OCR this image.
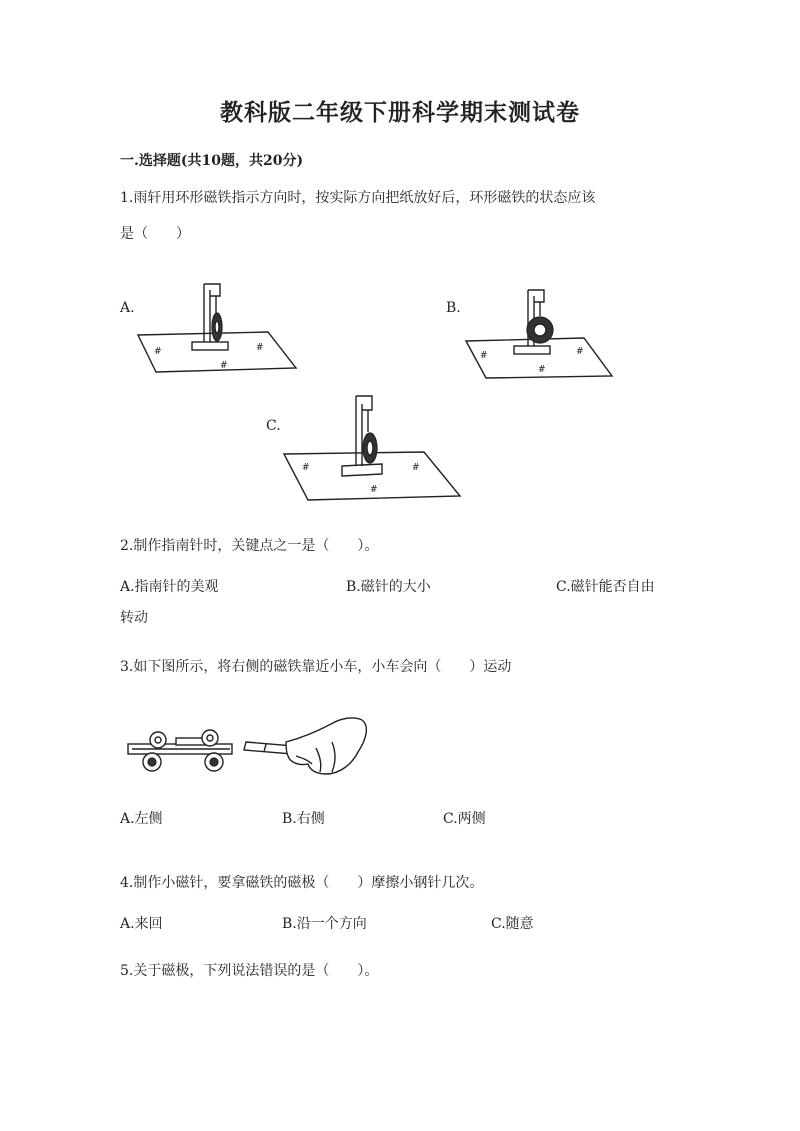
教科版二年级下册科学期末测试卷
一.选择题(共10题，共20分)
1.雨轩用环形磁铁指示方向时，按实际方向把纸放好后，环形磁铁的状态应该
是（　　）
A.	B.
C.
#	#
#
#	#
#
#	#
#
2.制作指南针时，关键点之一是（　　）。
A.指南针的美观	B.磁针的大小	C.磁针能否自由
转动
3.如下图所示，将右侧的磁铁靠近小车，小车会向（　　）运动
A.左侧	B.右侧	C.两侧
4.制作小磁针，要拿磁铁的磁极（　　）摩擦小钢针几次。
A.来回	B.沿一个方向	C.随意
5.关于磁极，下列说法错误的是（　　）。
